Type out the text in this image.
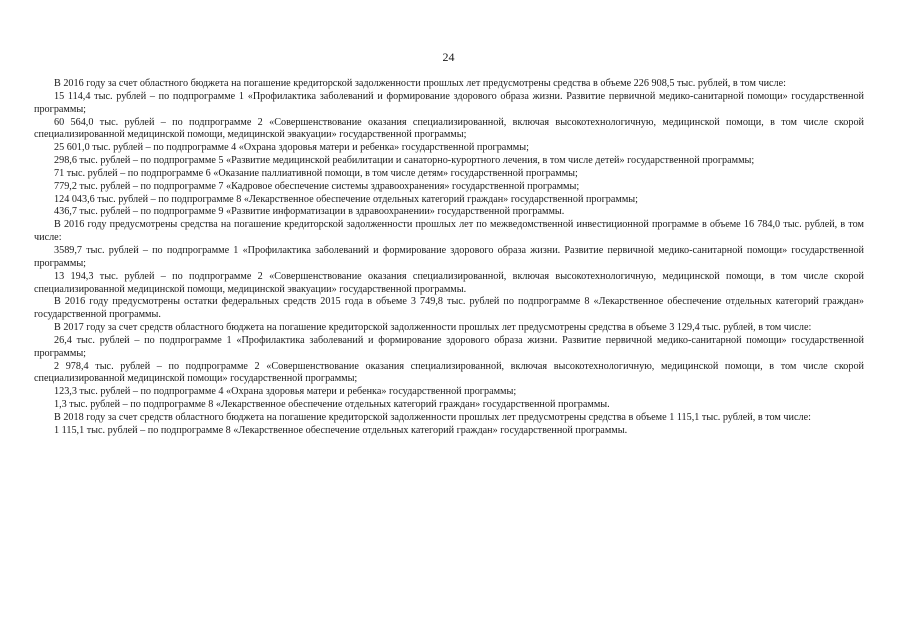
24

В 2016 году за счет областного бюджета на погашение кредиторской задолженности прошлых лет предусмотрены средства в объеме 226 908,5 тыс. рублей, в том числе:

15 114,4 тыс. рублей – по подпрограмме 1 «Профилактика заболеваний и формирование здорового образа жизни. Развитие первичной медико-санитарной помощи» государственной программы;

60 564,0 тыс. рублей – по подпрограмме 2 «Совершенствование оказания специализированной, включая высокотехнологичную, медицинской помощи, в том числе скорой специализированной медицинской помощи, медицинской эвакуации» государственной программы;

25 601,0 тыс. рублей – по подпрограмме 4 «Охрана здоровья матери и ребенка» государственной программы;

298,6 тыс. рублей – по подпрограмме 5 «Развитие медицинской реабилитации и санаторно-курортного лечения, в том числе детей» государственной программы;

71 тыс. рублей – по подпрограмме 6 «Оказание паллиативной помощи, в том числе детям» государственной программы;

779,2 тыс. рублей – по подпрограмме 7 «Кадровое обеспечение системы здравоохранения» государственной программы;

124 043,6 тыс. рублей – по подпрограмме 8 «Лекарственное обеспечение отдельных категорий граждан» государственной программы;

436,7 тыс. рублей – по подпрограмме 9 «Развитие информатизации в здравоохранении» государственной программы.

В 2016 году предусмотрены средства на погашение кредиторской задолженности прошлых лет по межведомственной инвестиционной программе в объеме 16 784,0 тыс. рублей, в том числе:

3589,7 тыс. рублей – по подпрограмме 1 «Профилактика заболеваний и формирование здорового образа жизни. Развитие первичной медико-санитарной помощи» государственной программы;

13 194,3 тыс. рублей – по подпрограмме 2 «Совершенствование оказания специализированной, включая высокотехнологичную, медицинской помощи, в том числе скорой специализированной медицинской помощи, медицинской эвакуации» государственной программы.

В 2016 году предусмотрены остатки федеральных средств 2015 года в объеме 3 749,8 тыс. рублей по подпрограмме 8 «Лекарственное обеспечение отдельных категорий граждан» государственной программы.

В 2017 году за счет средств областного бюджета на погашение кредиторской задолженности прошлых лет предусмотрены средства в объеме 3 129,4 тыс. рублей, в том числе:

26,4 тыс. рублей – по подпрограмме 1 «Профилактика заболеваний и формирование здорового образа жизни. Развитие первичной медико-санитарной помощи» государственной программы;

2 978,4 тыс. рублей – по подпрограмме 2 «Совершенствование оказания специализированной, включая высокотехнологичную, медицинской помощи, в том числе скорой специализированной медицинской помощи» государственной программы;

123,3 тыс. рублей – по подпрограмме 4 «Охрана здоровья матери и ребенка» государственной программы;

1,3 тыс. рублей – по подпрограмме 8 «Лекарственное обеспечение отдельных категорий граждан» государственной программы.

В 2018 году за счет средств областного бюджета на погашение кредиторской задолженности прошлых лет предусмотрены средства в объеме 1 115,1 тыс. рублей, в том числе:

1 115,1 тыс. рублей – по подпрограмме 8 «Лекарственное обеспечение отдельных категорий граждан» государственной программы.
